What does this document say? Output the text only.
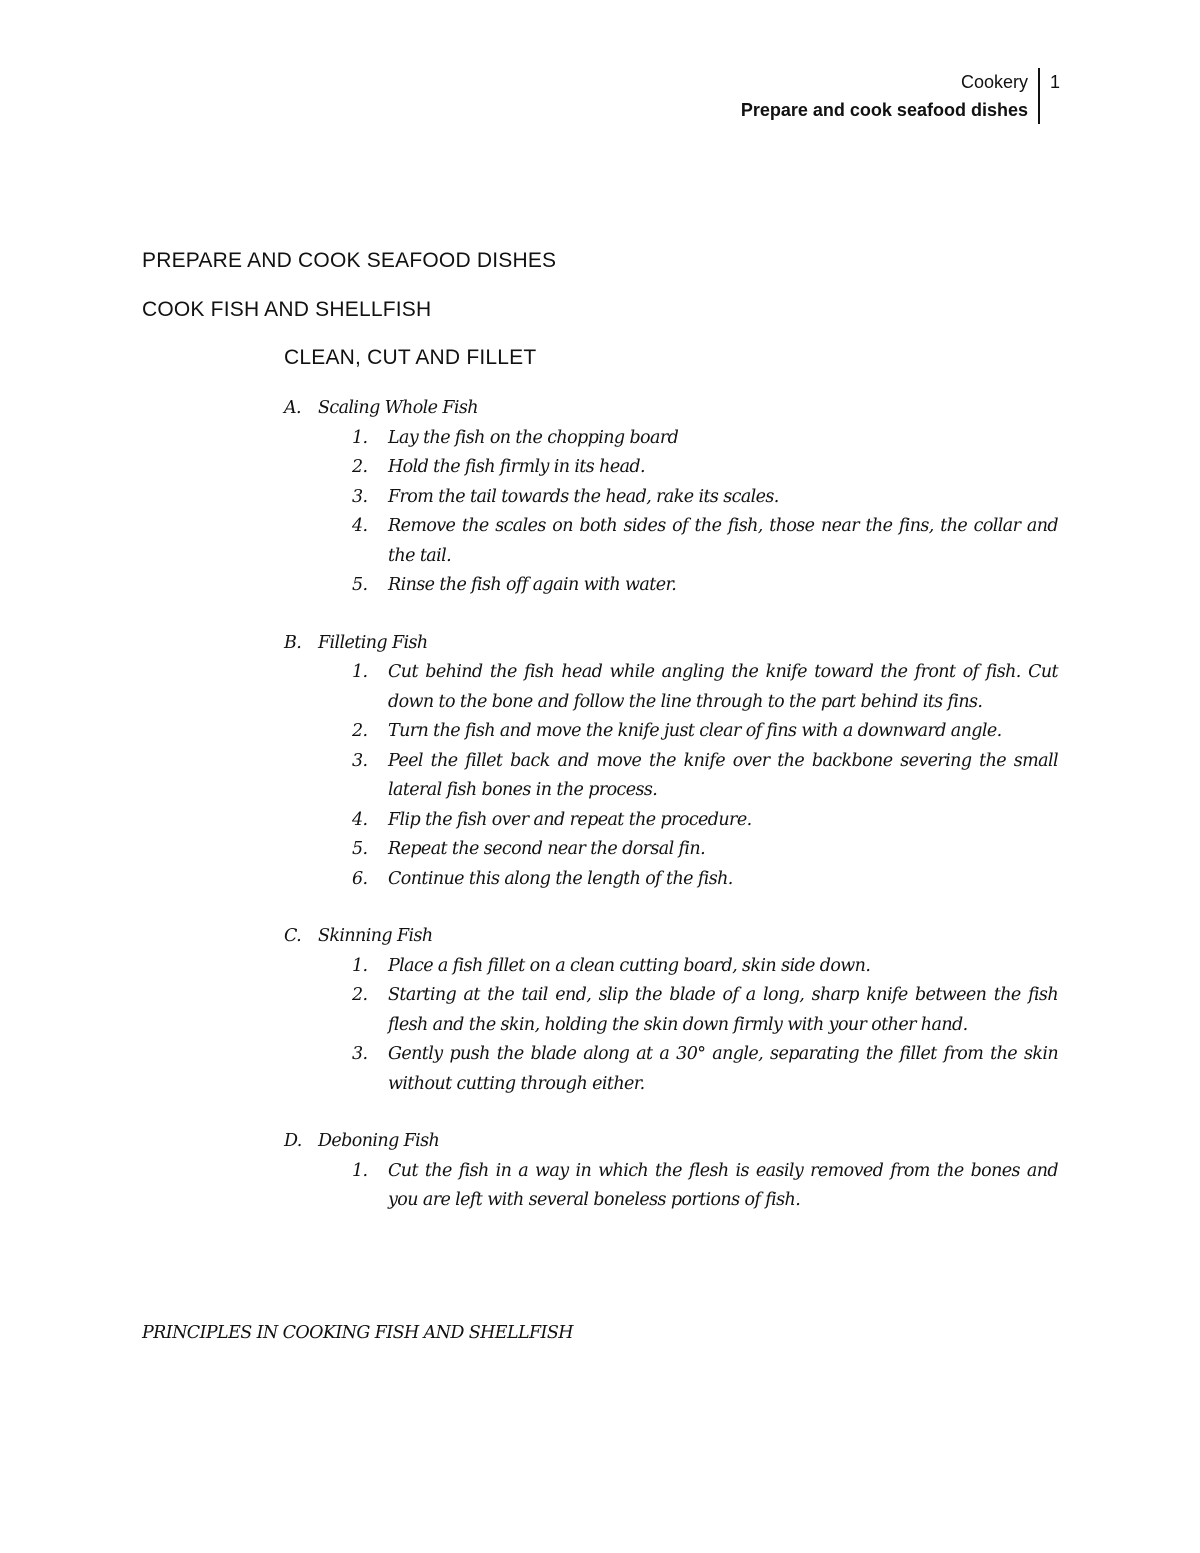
Cookery
Prepare and cook seafood dishes
1
PREPARE AND COOK SEAFOOD DISHES
COOK FISH AND SHELLFISH
CLEAN, CUT AND FILLET
A. Scaling Whole Fish
1.	Lay the fish on the chopping board
2.	Hold the fish firmly in its head.
3.	From the tail towards the head, rake its scales.
4.	Remove the scales on both sides of the fish, those near the fins, the collar and the tail.
5.	Rinse the fish off again with water.
B. Filleting Fish
1.	Cut behind the fish head while angling the knife toward the front of fish. Cut down to the bone and follow the line through to the part behind its fins.
2.	Turn the fish and move the knife just clear of fins with a downward angle.
3.	Peel the fillet back and move the knife over the backbone severing the small lateral fish bones in the process.
4.	Flip the fish over and repeat the procedure.
5.	Repeat the second near the dorsal fin.
6.	Continue this along the length of the fish.
C. Skinning Fish
1.	Place a fish fillet on a clean cutting board, skin side down.
2.	Starting at the tail end, slip the blade of a long, sharp knife between the fish flesh and the skin, holding the skin down firmly with your other hand.
3.	Gently push the blade along at a 30° angle, separating the fillet from the skin without cutting through either.
D. Deboning Fish
1.	Cut the fish in a way in which the flesh is easily removed from the bones and you are left with several boneless portions of fish.
PRINCIPLES IN COOKING FISH AND SHELLFISH
